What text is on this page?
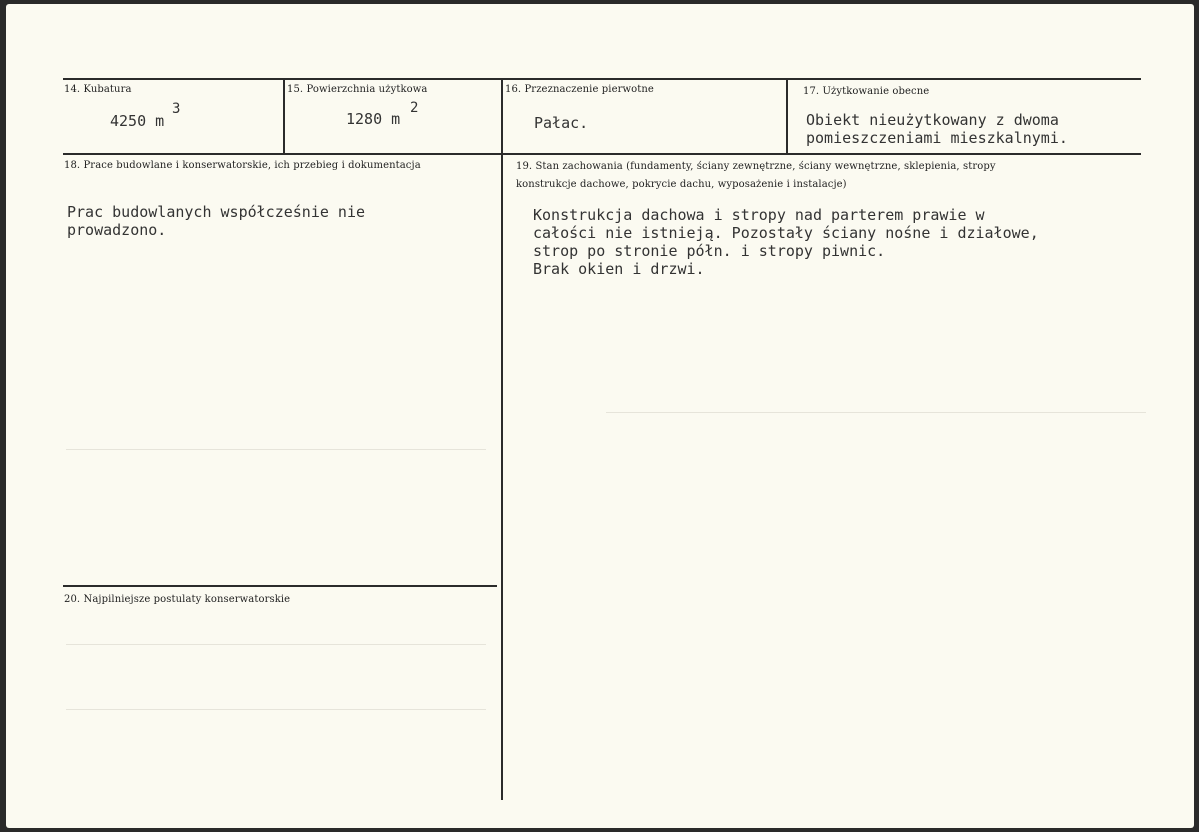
14. Kubatura
4250 m
3
15. Powierzchnia użytkowa
1280 m
2
16. Przeznaczenie pierwotne
Pałac.
17. Użytkowanie obecne
Obiekt nieużytkowany z dwoma
pomieszczeniami mieszkalnymi.
18. Prace budowlane i konserwatorskie, ich przebieg i dokumentacja
Prac budowlanych współcześnie nie
prowadzono.
19. Stan zachowania (fundamenty, ściany zewnętrzne, ściany wewnętrzne, sklepienia, stropy
konstrukcje dachowe, pokrycie dachu, wyposażenie i instalacje)
Konstrukcja dachowa i stropy nad parterem prawie w
całości nie istnieją. Pozostały ściany nośne i działowe,
strop po stronie półn. i stropy piwnic.
Brak okien i drzwi.
20. Najpilniejsze postulaty konserwatorskie
